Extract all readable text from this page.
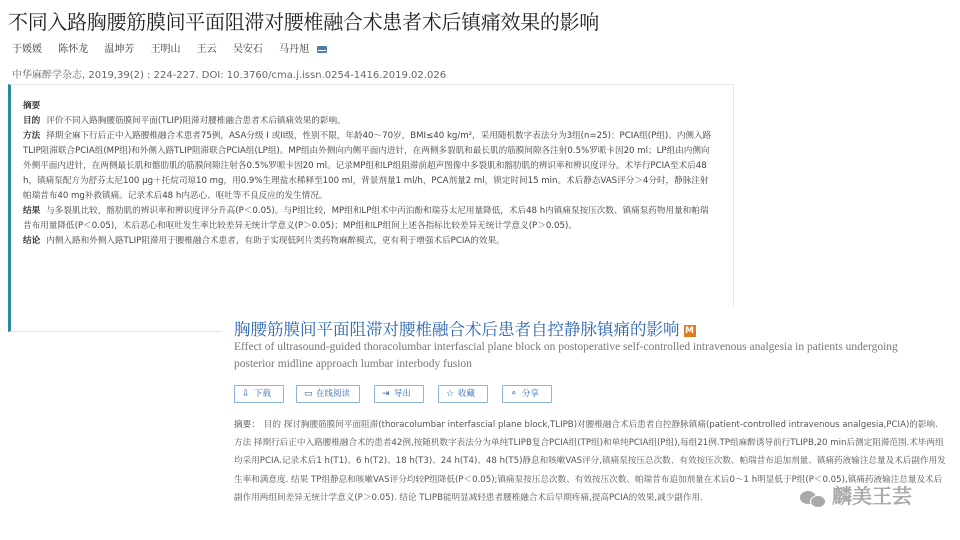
不同入路胸腰筋膜间平面阻滞对腰椎融合术患者术后镇痛效果的影响
于媛媛 陈怀龙 温坤芳 王明山 王云 吴安石 马丹旭
中华麻醉学杂志, 2019,39(2) : 224-227. DOI: 10.3760/cma.j.issn.0254-1416.2019.02.026

摘要

目的 评价不同入路胸腰筋膜间平面(TLIP)阻滞对腰椎融合患者术后镇痛效果的影响。

方法 择期全麻下行后正中入路腰椎融合术患者75例，ASA分级 I 或II级，性别不限，年龄40～70岁，BMI≤40 kg/m²，采用随机数字表法分为3组(n=25)：PCIA组(P组)、内侧入路TLIP阻滞联合PCIA组(MP组)和外侧入路TLIP阻滞联合PCIA组(LP组)。MP组由外侧向内侧平面内进针，在两侧多裂肌和最长肌的筋膜间隙各注射0.5%罗哌卡因20 ml；LP组由内侧向外侧平面内进针，在两侧最长肌和髂肋肌的筋膜间隙注射各0.5%罗哌卡因20 ml。记录MP组和LP组阻滞前超声图像中多裂肌和髂肋肌的辨识率和辨识度评分。术毕行PCIA至术后48 h，镇痛泵配方为舒芬太尼100 μg＋托烷司琼10 mg，用0.9%生理盐水稀释至100 ml，背景剂量1 ml/h，PCA剂量2 ml，锁定时间15 min。术后静态VAS评分＞4分时，静脉注射帕瑞昔布40 mg补救镇痛。记录术后48 h内恶心、呕吐等不良反应的发生情况。

结果 与多裂肌比较，髂肋肌的辨识率和辨识度评分升高(P＜0.05)。与P组比较，MP组和LP组术中丙泊酚和瑞芬太尼用量降低，术后48 h内镇痛泵按压次数、镇痛泵药物用量和帕瑞昔布用量降低(P＜0.05)，术后恶心和呕吐发生率比较差异无统计学意义(P＞0.05)；MP组和LP组间上述各指标比较差异无统计学意义(P＞0.05)。

结论 内侧入路和外侧入路TLIP阻滞用于腰椎融合术患者，有助于实现低阿片类药物麻醉模式，更有利于增强术后PCIA的效果。

胸腰筋膜间平面阻滞对腰椎融合术后患者自控静脉镇痛的影响 M
Effect of ultrasound-guided thoracolumbar interfascial plane block on postoperative self-controlled intravenous analgesia in patients undergoing posterior midline approach lumbar interbody fusion
⇩ 下载	▭ 在线阅读	⇥ 导出	☆ 收藏	⚬ 分享
摘要： 目的 探讨胸腰筋膜间平面阻滞(thoracolumbar interfascial plane block,TLIPB)对腰椎融合术后患者自控静脉镇痛(patient-controlled intravenous analgesia,PCIA)的影响. 方法 择期行后正中入路腰椎融合术的患者42例,按随机数字表法分为单纯TLIPB复合PCIA组(TP组)和单纯PCIA组(P组),每组21例.TP组麻醉诱导前行TLIPB,20 min后测定阻滞范围.术毕两组均采用PCIA.记录术后1 h(T1)、6 h(T2)、18 h(T3)、24 h(T4)、48 h(T5)静息和咳嗽VAS评分,镇痛泵按压总次数、有效按压次数、帕瑞昔布追加剂量、镇痛药液输注总量及术后副作用发生率和满意度. 结果 TP组静息和咳嗽VAS评分均较P组降低(P＜0.05);镇痛泵按压总次数、有效按压次数、帕瑞昔布追加剂量在术后0～1 h明显低于P组(P＜0.05),镇痛药液输注总量及术后副作用两组间差异无统计学意义(P＞0.05). 结论 TLIPB能明显减轻患者腰椎融合术后早期疼痛,提高PCIA的效果,减少副作用.	麟美王芸
